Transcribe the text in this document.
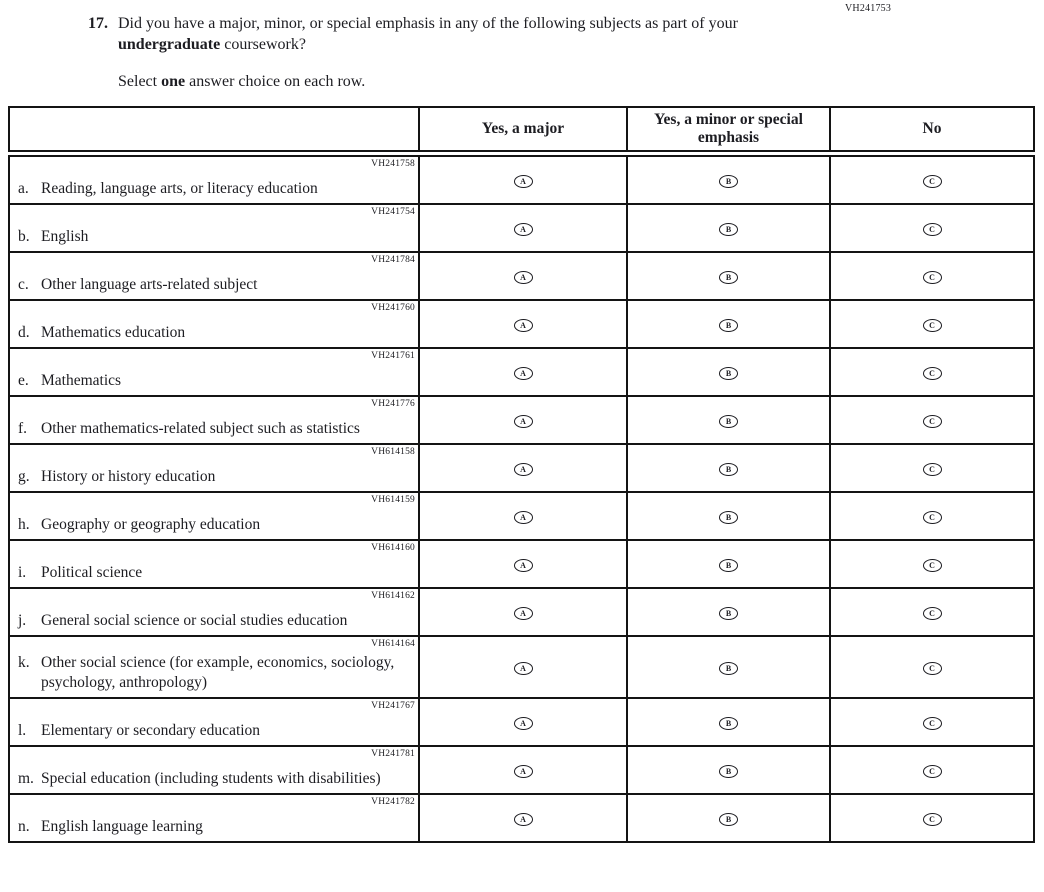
VH241753
17. Did you have a major, minor, or special emphasis in any of the following subjects as part of your undergraduate coursework?
Select one answer choice on each row.
	Yes, a major	Yes, a minor or special emphasis	No

VH241758
a. Reading, language arts, or literacy education	A	B	C

VH241754
b. English	A	B	C

VH241784
c. Other language arts-related subject	A	B	C

VH241760
d. Mathematics education	A	B	C

VH241761
e. Mathematics	A	B	C

VH241776
f. Other mathematics-related subject such as statistics	A	B	C

VH614158
g. History or history education	A	B	C

VH614159
h. Geography or geography education	A	B	C

VH614160
i. Political science	A	B	C

VH614162
j. General social science or social studies education	A	B	C

VH614164
k. Other social science (for example, economics, sociology, psychology, anthropology)	A	B	C

VH241767
l. Elementary or secondary education	A	B	C

VH241781
m. Special education (including students with disabilities)	A	B	C

VH241782
n. English language learning	A	B	C
